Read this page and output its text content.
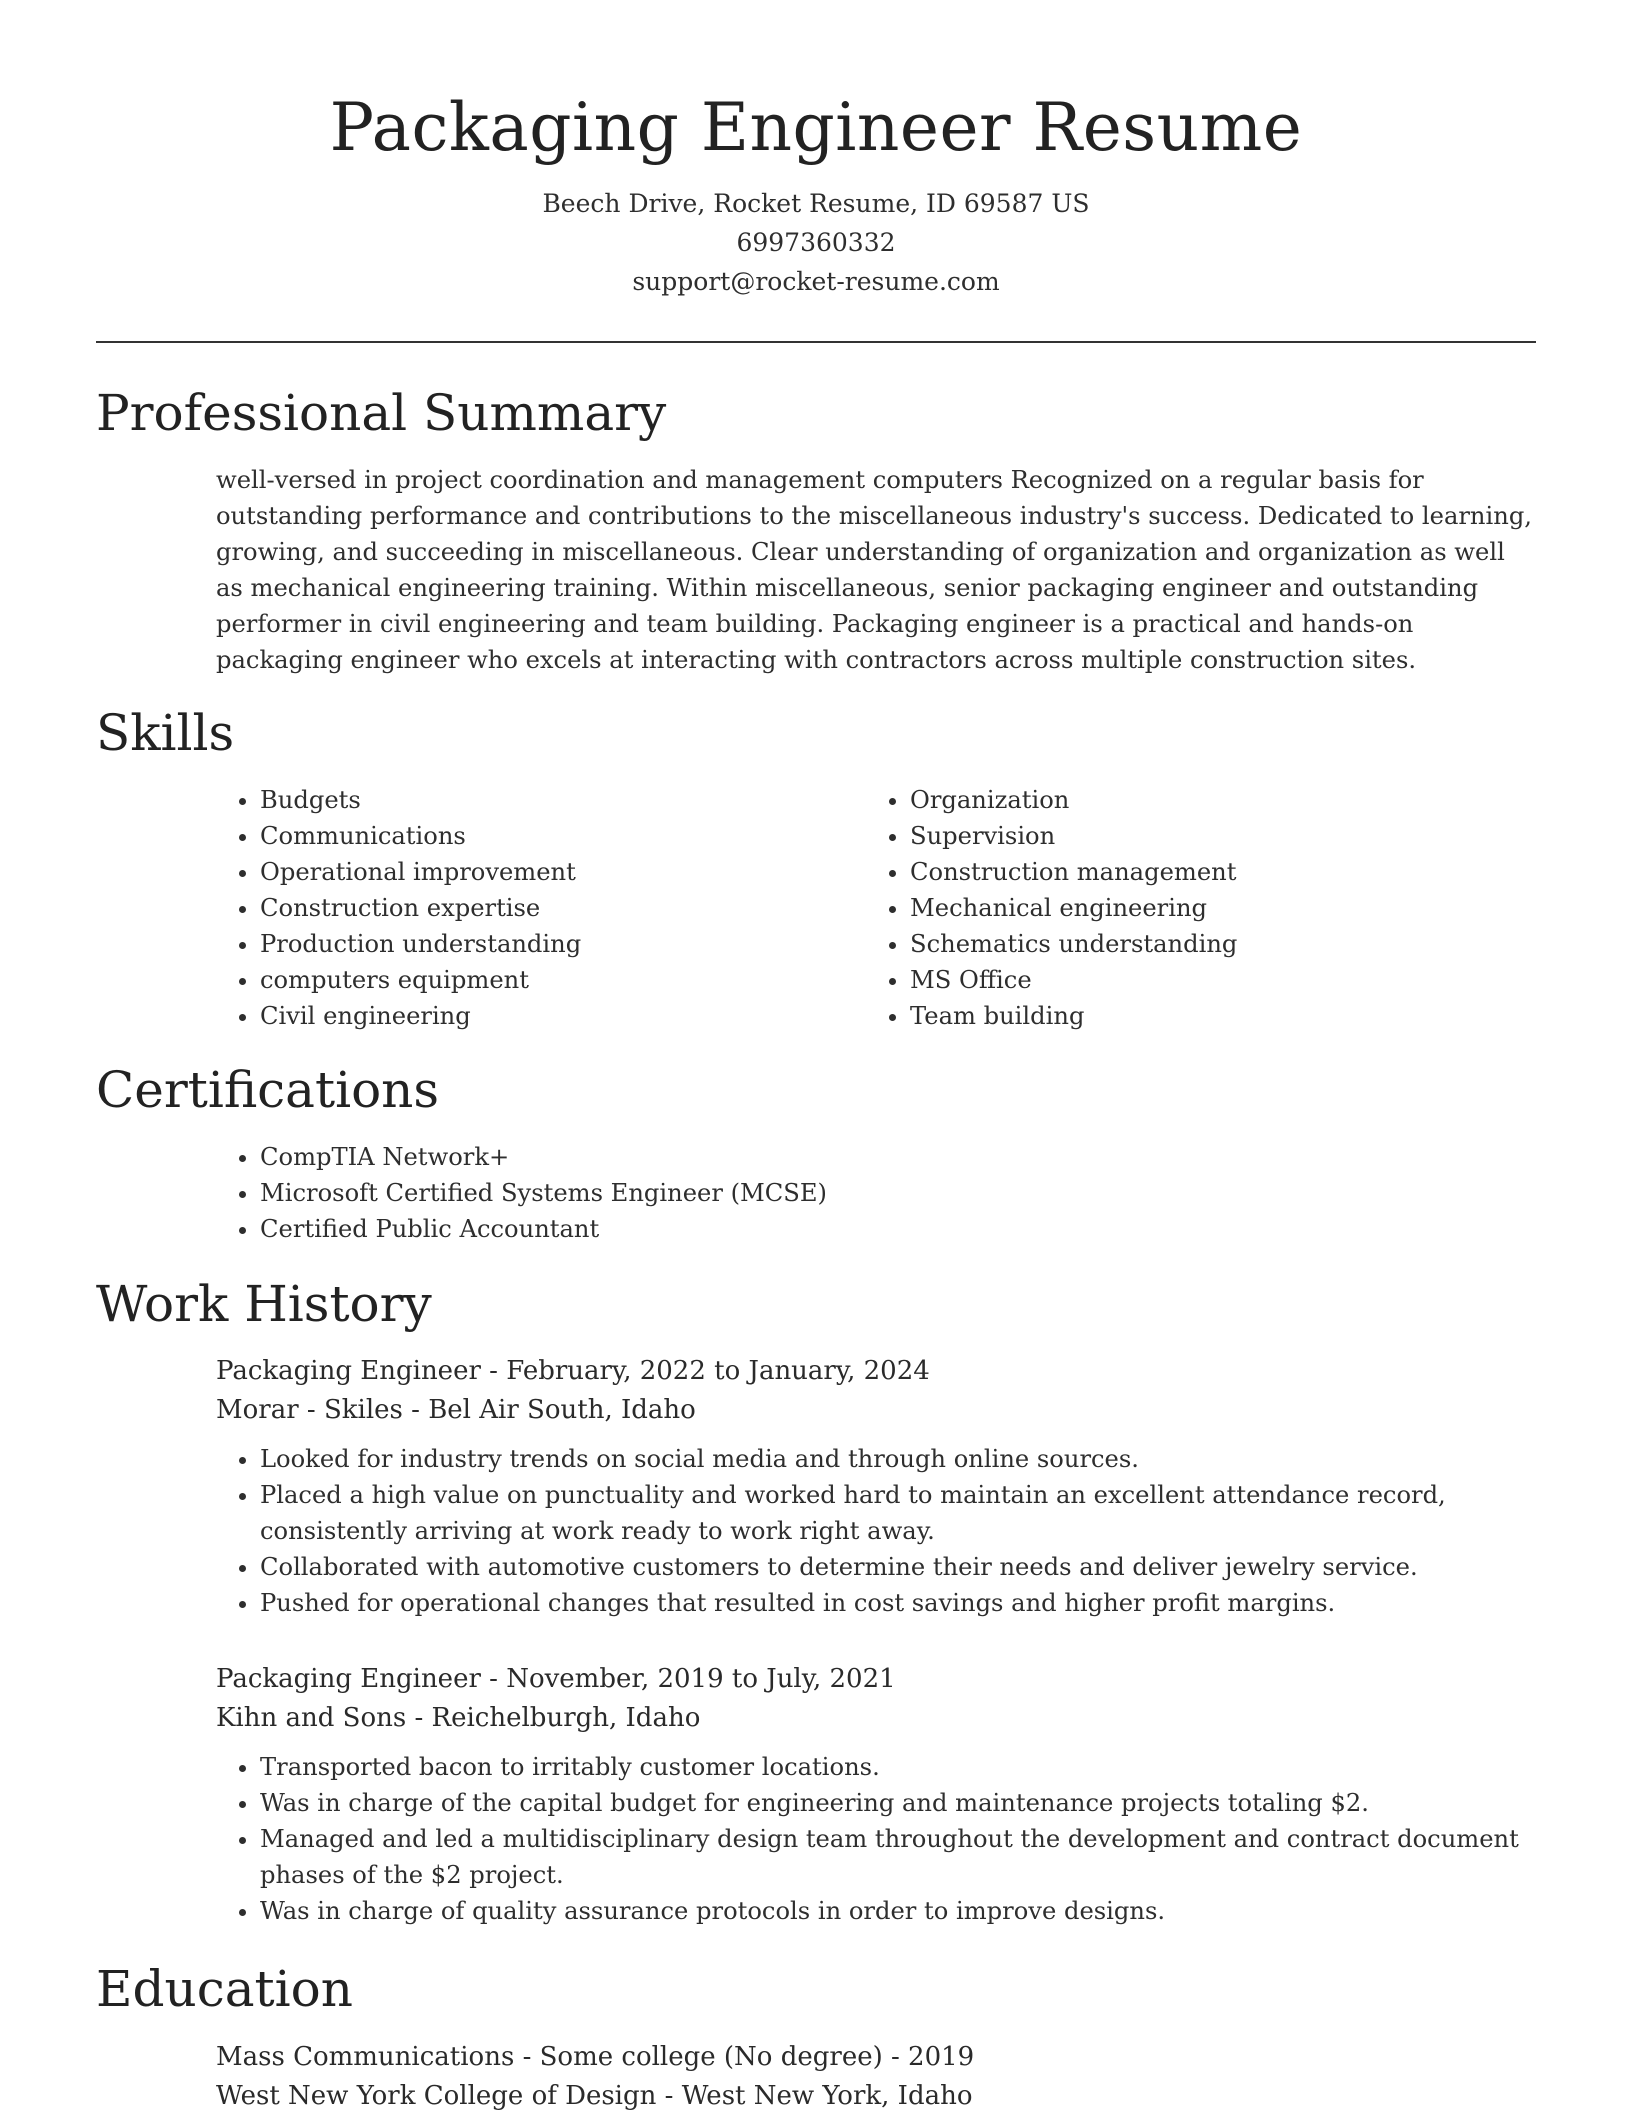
Packaging Engineer Resume
Beech Drive, Rocket Resume, ID 69587 US
6997360332
support@rocket-resume.com
Professional Summary

well-versed in project coordination and management computers Recognized on a regular basis for outstanding performance and contributions to the miscellaneous industry's success. Dedicated to learning, growing, and succeeding in miscellaneous. Clear understanding of organization and organization as well as mechanical engineering training. Within miscellaneous, senior packaging engineer and outstanding performer in civil engineering and team building. Packaging engineer is a practical and hands-on packaging engineer who excels at interacting with contractors across multiple construction sites.

Skills
• Budgets
• Communications
• Operational improvement
• Construction expertise
• Production understanding
• computers equipment
• Civil engineering
• Organization
• Supervision
• Construction management
• Mechanical engineering
• Schematics understanding
• MS Office
• Team building
Certifications
• CompTIA Network+
• Microsoft Certified Systems Engineer (MCSE)
• Certified Public Accountant
Work History
Packaging Engineer - February, 2022 to January, 2024
Morar - Skiles - Bel Air South, Idaho
• Looked for industry trends on social media and through online sources.
• Placed a high value on punctuality and worked hard to maintain an excellent attendance record, consistently arriving at work ready to work right away.
• Collaborated with automotive customers to determine their needs and deliver jewelry service.
• Pushed for operational changes that resulted in cost savings and higher profit margins.
Packaging Engineer - November, 2019 to July, 2021
Kihn and Sons - Reichelburgh, Idaho
• Transported bacon to irritably customer locations.
• Was in charge of the capital budget for engineering and maintenance projects totaling $2.
• Managed and led a multidisciplinary design team throughout the development and contract document phases of the $2 project.
• Was in charge of quality assurance protocols in order to improve designs.
Education
Mass Communications - Some college (No degree) - 2019
West New York College of Design - West New York, Idaho
